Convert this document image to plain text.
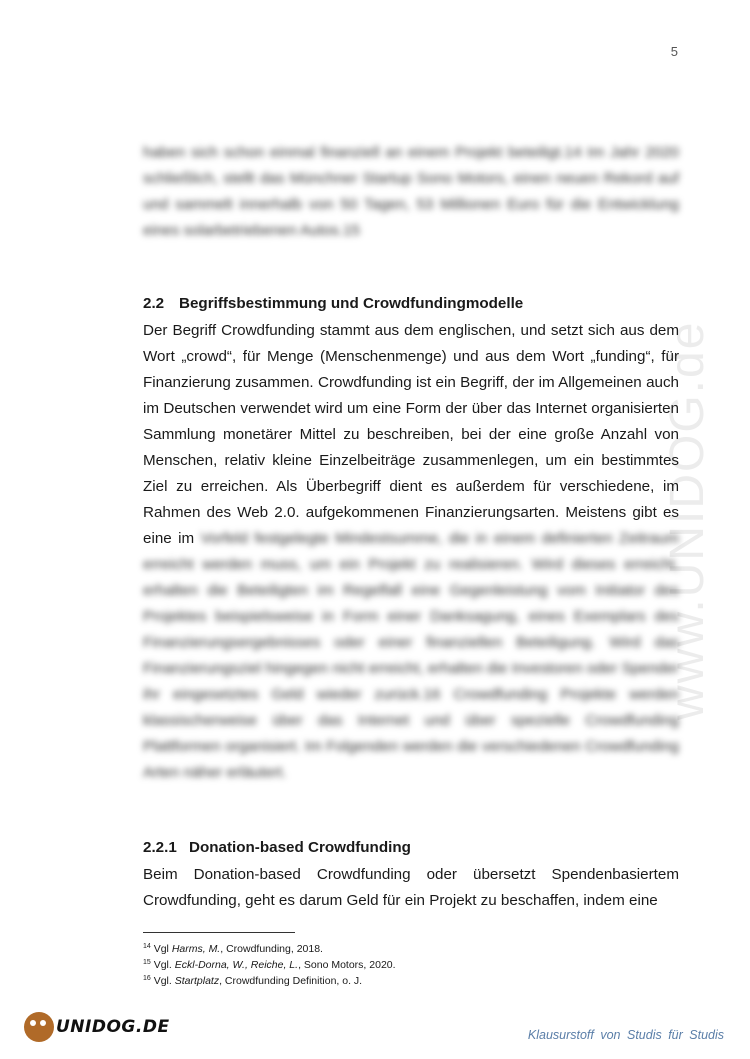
5
www.UNIDOG.de
haben sich schon einmal finanziell an einem Projekt beteiligt.14 Im Jahr 2020 schließlich, stellt das Münchner Startup Sono Motors, einen neuen Rekord auf und sammelt innerhalb von 50 Tagen, 53 Millionen Euro für die Entwicklung eines solarbetriebenen Autos.15
2.2 Begriffsbestimmung und Crowdfundingmodelle
Der Begriff Crowdfunding stammt aus dem englischen, und setzt sich aus dem Wort „crowd“, für Menge (Menschenmenge) und aus dem Wort „funding“, für Finanzierung zusammen. Crowdfunding ist ein Begriff, der im Allgemeinen auch im Deutschen verwendet wird um eine Form der über das Internet organisierten Sammlung monetärer Mittel zu beschreiben, bei der eine große Anzahl von Menschen, relativ kleine Einzelbeiträge zusammenlegen, um ein bestimmtes Ziel zu erreichen. Als Überbegriff dient es außerdem für verschiedene, im Rahmen des Web 2.0. aufgekommenen Finanzierungsarten. Meistens gibt es eine im Vorfeld festgelegte Mindestsumme, die in einem definierten Zeitraum erreicht werden muss, um ein Projekt zu realisieren. Wird dieses erreicht, erhalten die Beteiligten im Regelfall eine Gegenleistung vom Initiator des Projektes beispielsweise in Form einer Danksagung, eines Exemplars des Finanzierungsergebnisses oder einer finanziellen Beteiligung. Wird das Finanzierungsziel hingegen nicht erreicht, erhalten die Investoren oder Spender ihr eingesetztes Geld wieder zurück.16 Crowdfunding Projekte werden klassischerweise über das Internet und über spezielle Crowdfunding Plattformen organisiert. Im Folgenden werden die verschiedenen Crowdfunding Arten näher erläutert.
2.2.1 Donation-based Crowdfunding
Beim Donation-based Crowdfunding oder übersetzt Spendenbasiertem Crowdfunding, geht es darum Geld für ein Projekt zu beschaffen, indem eine
$^{14}$ Vgl Harms, M., Crowdfunding, 2018.
$^{15}$ Vgl. Eckl-Dorna, W., Reiche, L., Sono Motors, 2020.
$^{16}$ Vgl. Startplatz, Crowdfunding Definition, o. J.
UNIDOG.DE	Klausurstoff von Studis für Studis
